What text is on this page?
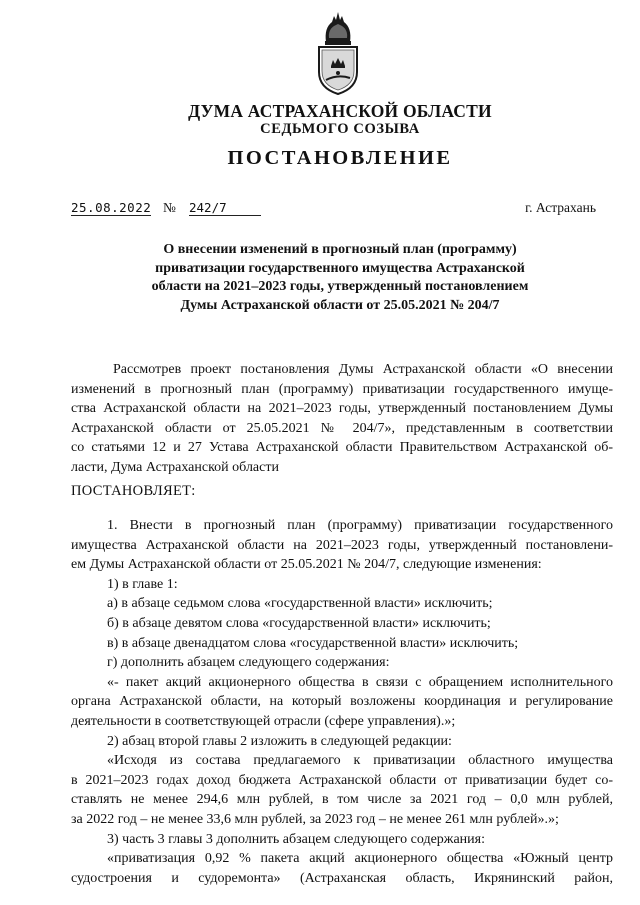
ДУМА АСТРАХАНСКОЙ ОБЛАСТИ
СЕДЬМОГО СОЗЫВА
ПОСТАНОВЛЕНИЕ
25.08.2022 № 242/7	г. Астрахань
О внесении изменений в прогнозный план (программу)
приватизации государственного имущества Астраханской
области на 2021–2023 годы, утвержденный постановлением
Думы Астраханской области от 25.05.2021 № 204/7
Рассмотрев проект постановления Думы Астраханской области «О внесении
изменений в прогнозный план (программу) приватизации государственного имуще-
ства Астраханской области на 2021–2023 годы, утвержденный постановлением Думы
Астраханской области от 25.05.2021 № 204/7», представленным в соответствии
со статьями 12 и 27 Устава Астраханской области Правительством Астраханской об-
ласти, Дума Астраханской области
ПОСТАНОВЛЯЕТ:
1. Внести в прогнозный план (программу) приватизации государственного
имущества Астраханской области на 2021–2023 годы, утвержденный постановлени-
ем Думы Астраханской области от 25.05.2021 № 204/7, следующие изменения:
1) в главе 1:
а) в абзаце седьмом слова «государственной власти» исключить;
б) в абзаце девятом слова «государственной власти» исключить;
в) в абзаце двенадцатом слова «государственной власти» исключить;
г) дополнить абзацем следующего содержания:
«- пакет акций акционерного общества в связи с обращением исполнительного
органа Астраханской области, на который возложены координация и регулирование
деятельности в соответствующей отрасли (сфере управления).»;
2) абзац второй главы 2 изложить в следующей редакции:
«Исходя из состава предлагаемого к приватизации областного имущества
в 2021–2023 годах доход бюджета Астраханской области от приватизации будет со-
ставлять не менее 294,6 млн рублей, в том числе за 2021 год – 0,0 млн рублей,
за 2022 год – не менее 33,6 млн рублей, за 2023 год – не менее 261 млн рублей».»;
3) часть 3 главы 3 дополнить абзацем следующего содержания:
«приватизация 0,92 % пакета акций акционерного общества «Южный центр
судостроения и судоремонта» (Астраханская область, Икрянинский район,
